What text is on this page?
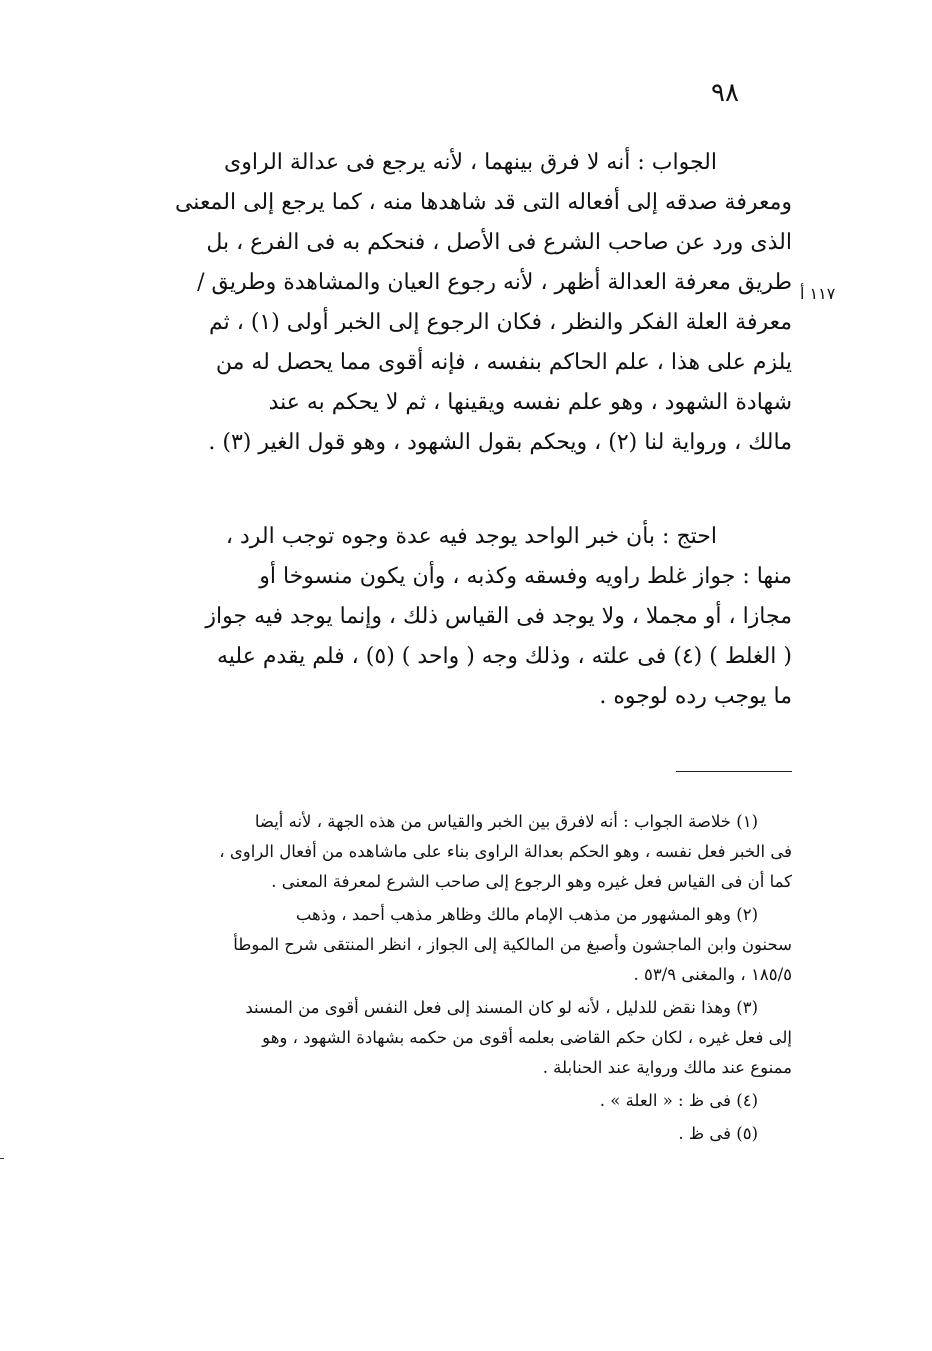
٩٨
١١٧ أ
الجواب : أنه لا فرق بينهما ، لأنه يرجع فى عدالة الراوى
ومعرفة صدقه إلى أفعاله التى قد شاهدها منه ، كما يرجع إلى المعنى
الذى ورد عن صاحب الشرع فى الأصل ، فنحكم به فى الفرع ، بل
طريق معرفة العدالة أظهر ، لأنه رجوع العيان والمشاهدة وطريق /
معرفة العلة الفكر والنظر ، فكان الرجوع إلى الخبر أولى (١) ، ثم
يلزم على هذا ، علم الحاكم بنفسه ، فإنه أقوى مما يحصل له من
شهادة الشهود ، وهو علم نفسه ويقينها ، ثم لا يحكم به عند
مالك ، ورواية لنا (٢) ، ويحكم بقول الشهود ، وهو قول الغير (٣) .
احتج : بأن خبر الواحد يوجد فيه عدة وجوه توجب الرد ،
منها : جواز غلط راويه وفسقه وكذبه ، وأن يكون منسوخا أو
مجازا ، أو مجملا ، ولا يوجد فى القياس ذلك ، وإنما يوجد فيه جواز
( الغلط ) (٤) فى علته ، وذلك وجه ( واحد ) (٥) ، فلم يقدم عليه
ما يوجب رده لوجوه .
(١) خلاصة الجواب : أنه لافرق بين الخبر والقياس من هذه الجهة ، لأنه أيضا
فى الخبر فعل نفسه ، وهو الحكم بعدالة الراوى بناء على ماشاهده من أفعال الراوى ،
كما أن فى القياس فعل غيره وهو الرجوع إلى صاحب الشرع لمعرفة المعنى .
(٢) وهو المشهور من مذهب الإمام مالك وظاهر مذهب أحمد ، وذهب
سحنون وابن الماجشون وأصبغ من المالكية إلى الجواز ، انظر المنتقى شرح الموطأ
١٨٥/٥ ، والمغنى ٥٣/٩ .
(٣) وهذا نقض للدليل ، لأنه لو كان المسند إلى فعل النفس أقوى من المسند
إلى فعل غيره ، لكان حكم القاضى بعلمه أقوى من حكمه بشهادة الشهود ، وهو
ممنوع عند مالك ورواية عند الحنابلة .
(٤) فى ظ : « العلة » .
(٥) فى ظ .
